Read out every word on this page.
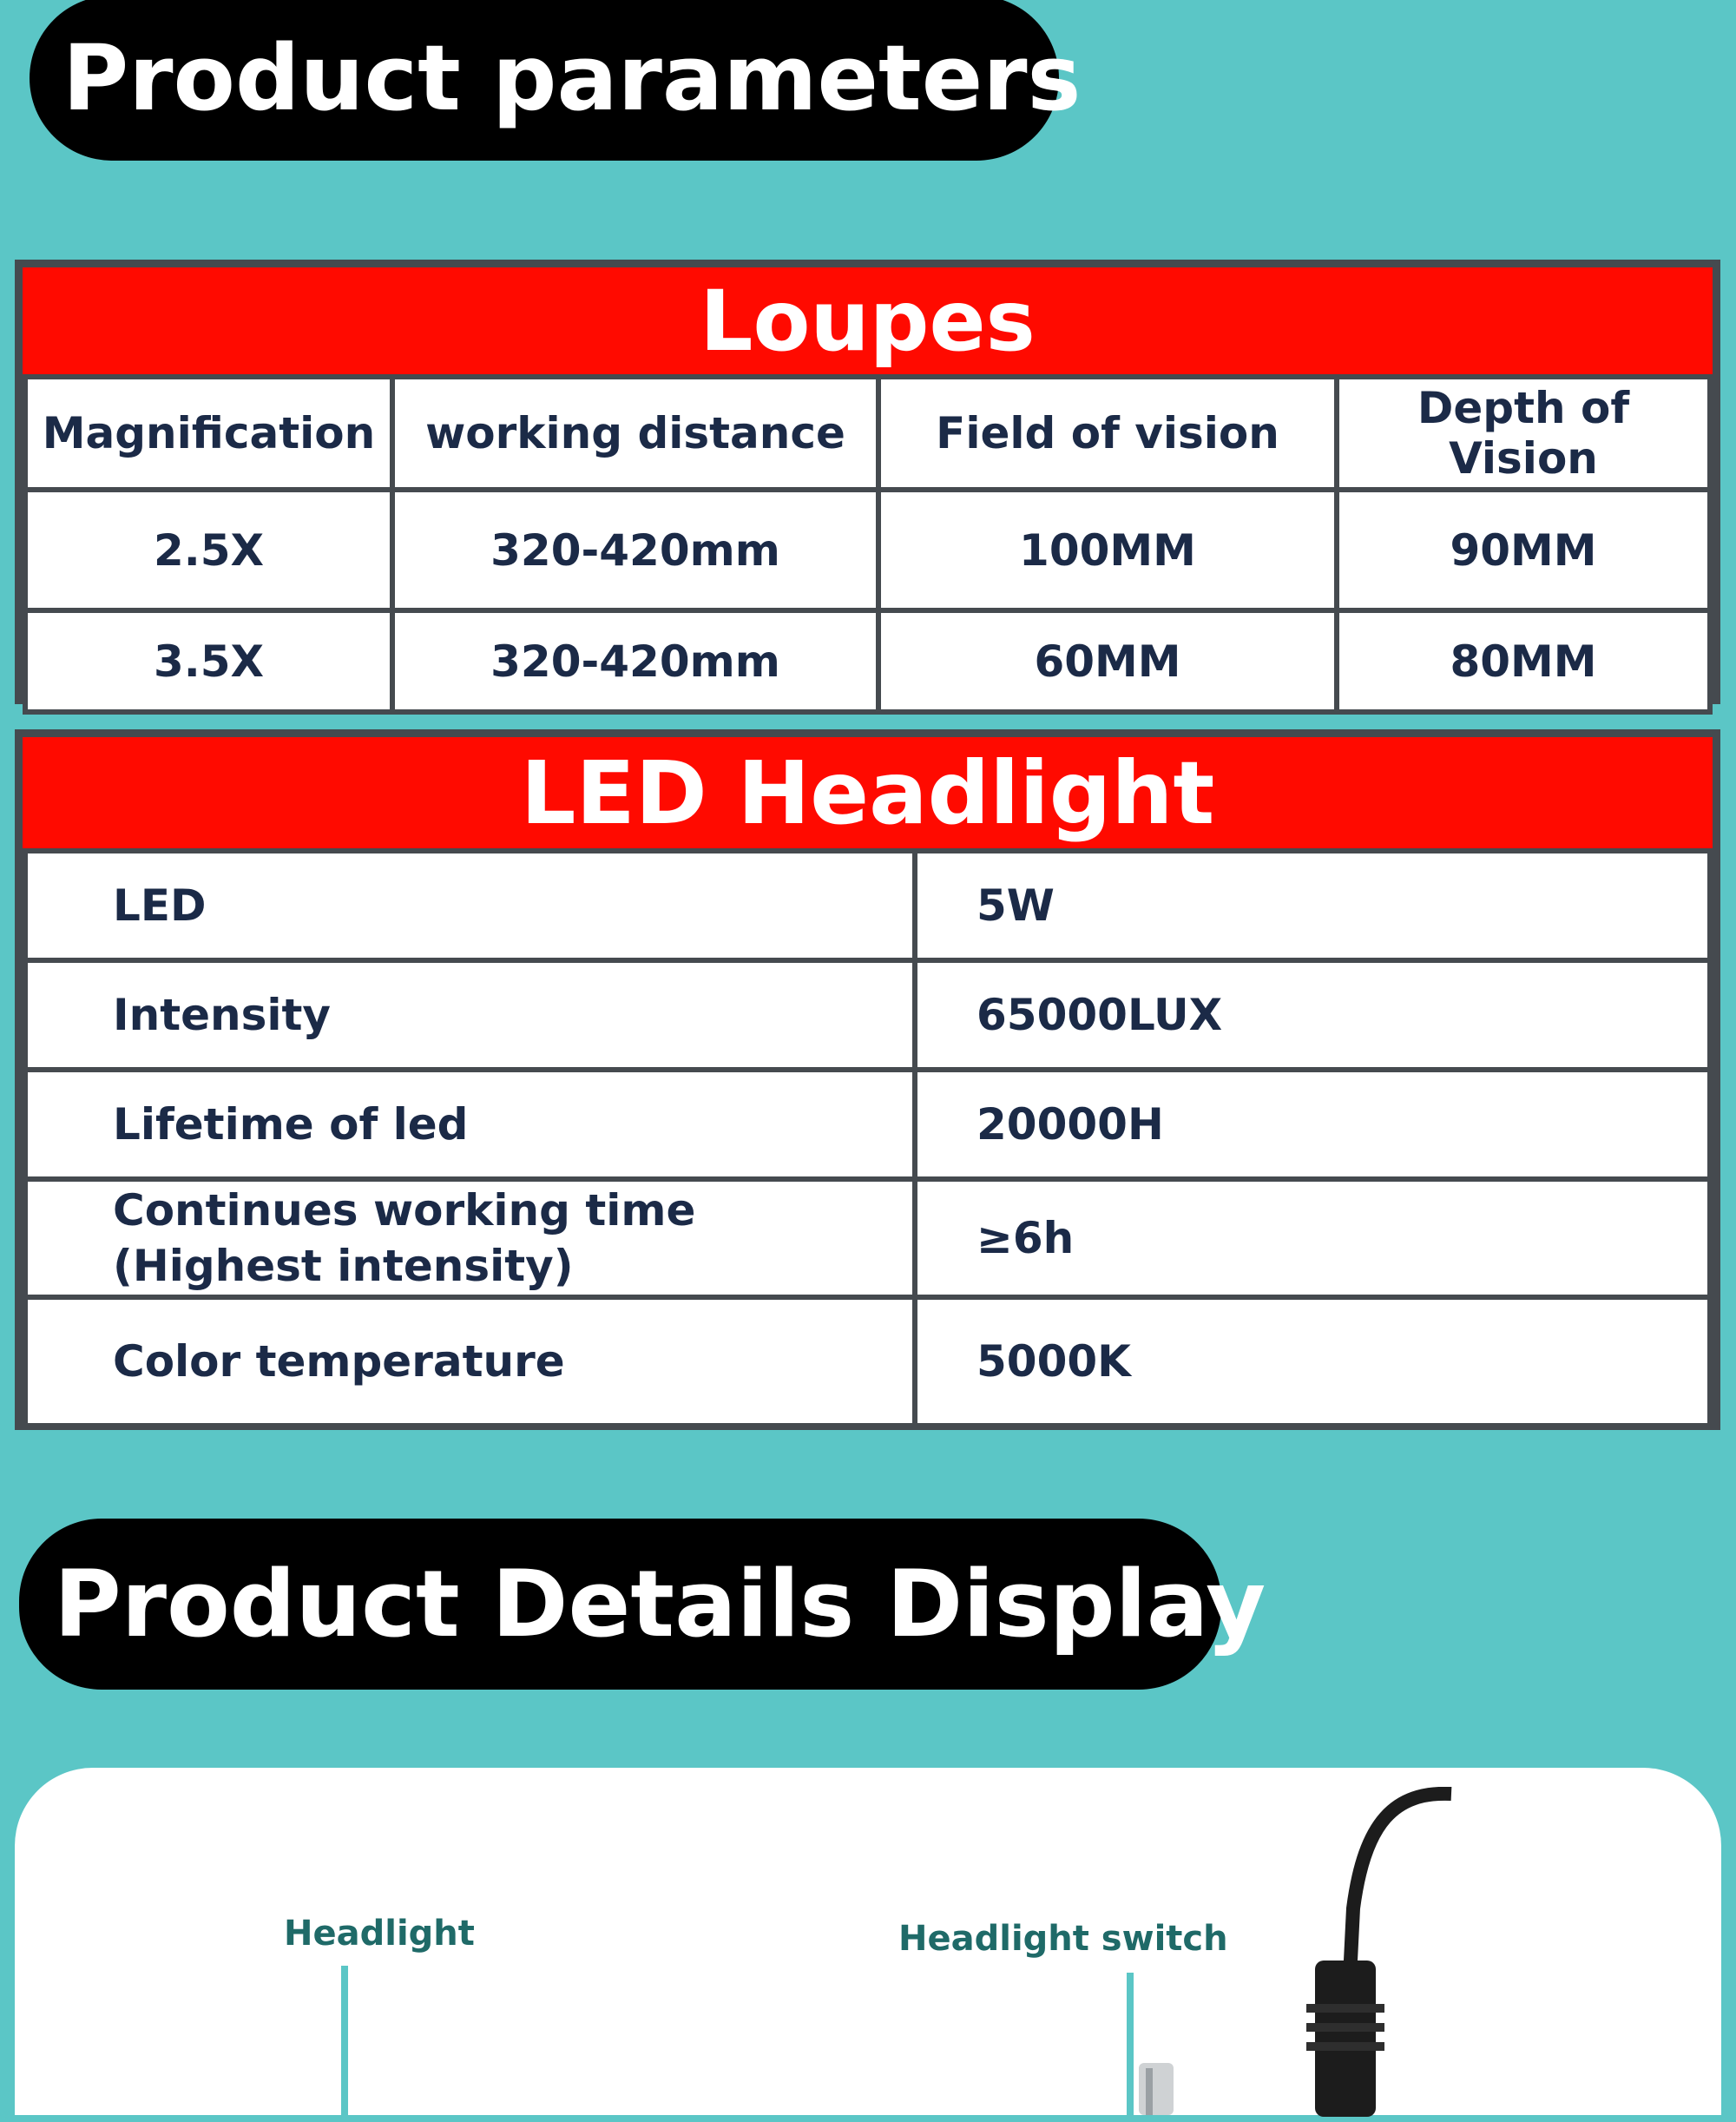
Product parameters
Loupes
Magnification	working distance	Field of vision	Depth of Vision
2.5X	320-420mm	100MM	90MM
3.5X	320-420mm	60MM	80MM
LED Headlight
LED	5W
Intensity	65000LUX
Lifetime of led	20000H
Continues working time (Highest intensity)	≥6h
Color temperature	5000K
Product Details Display
Headlight	Headlight switch
